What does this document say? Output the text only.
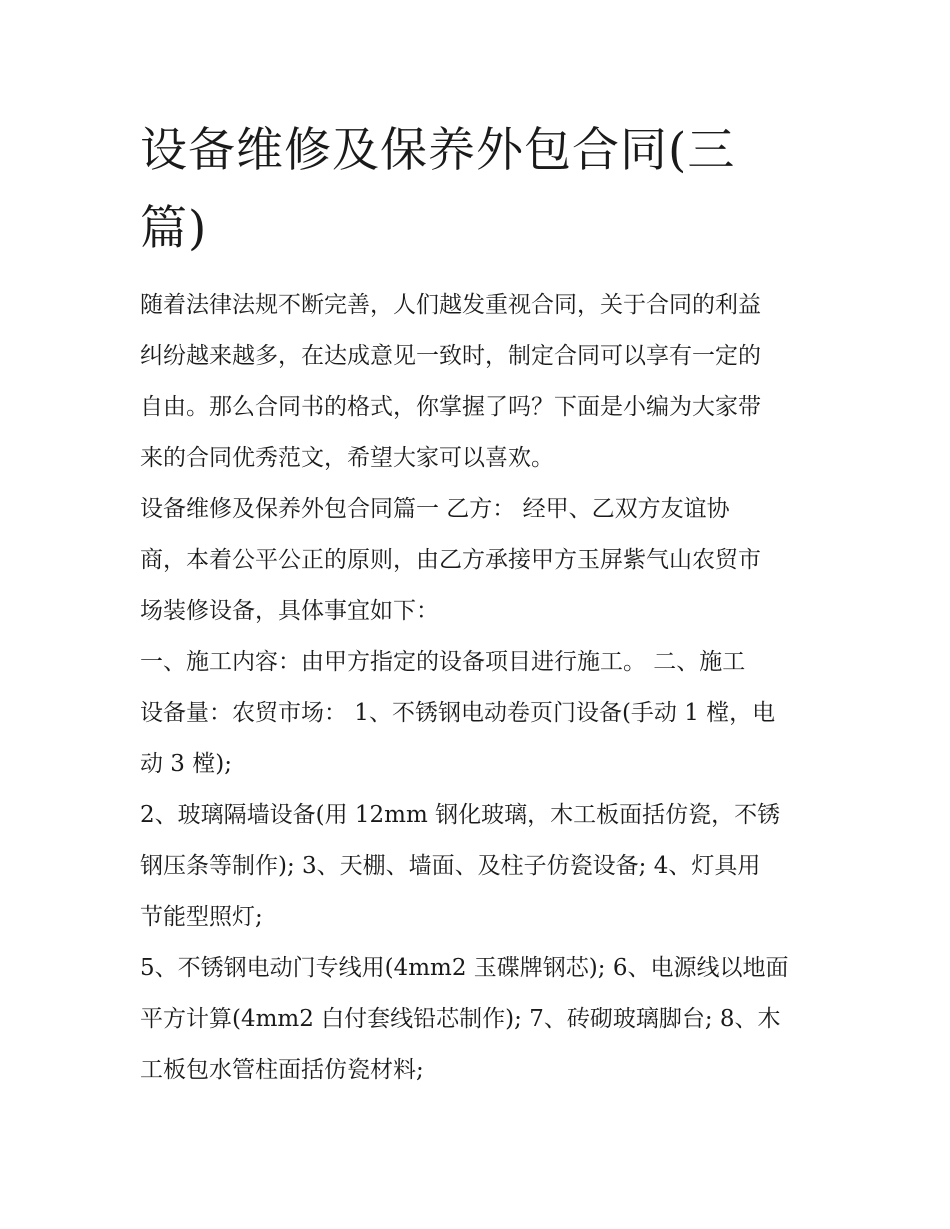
设备维修及保养外包合同(三
篇)

随着法律法规不断完善，人们越发重视合同，关于合同的利益
纠纷越来越多，在达成意见一致时，制定合同可以享有一定的
自由。那么合同书的格式，你掌握了吗？下面是小编为大家带
来的合同优秀范文，希望大家可以喜欢。

设备维修及保养外包合同篇一 乙方： 经甲、乙双方友谊协
商，本着公平公正的原则，由乙方承接甲方玉屏紫气山农贸市
场装修设备，具体事宜如下：

一、施工内容：由甲方指定的设备项目进行施工。 二、施工
设备量：农贸市场： 1、不锈钢电动卷页门设备(手动 1 樘，电
动 3 樘);

2、玻璃隔墙设备(用 12mm 钢化玻璃，木工板面括仿瓷，不锈
钢压条等制作); 3、天棚、墙面、及柱子仿瓷设备; 4、灯具用
节能型照灯;

5、不锈钢电动门专线用(4mm2 玉碟牌钢芯); 6、电源线以地面
平方计算(4mm2 白付套线铅芯制作); 7、砖砌玻璃脚台; 8、木
工板包水管柱面括仿瓷材料;
